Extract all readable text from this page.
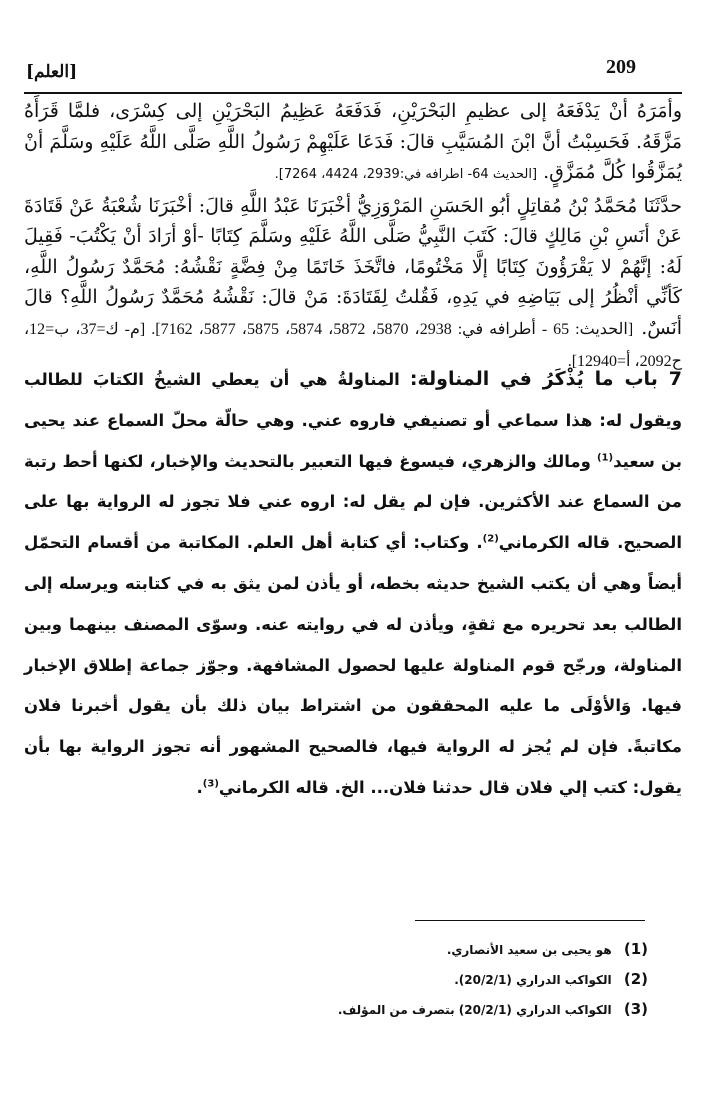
209
[العلم]

وأمَرَهُ أنْ يَدْفَعَهُ إلى عظيمِ البَحْرَيْنِ، فَدَفَعَهُ عَظِيمُ البَحْرَيْنِ إلى كِسْرَى، فلمَّا قَرَأَهُ مَزَّقَهُ. فَحَسِبْتُ أنَّ ابْنَ المُسَيَّبِ قالَ: فَدَعَا عَلَيْهِمْ رَسُولُ اللَّهِ صَلَّى اللَّهُ عَلَيْهِ وسَلَّمَ أنْ يُمَزَّقُوا كُلَّ مُمَزَّقٍ. [الحديث 64- اطرافه في:2939، 4424، 7264].

حدَّثَنَا مُحَمَّدُ بْنُ مُقاتِلٍ أبُو الحَسَنِ المَرْوَزِيُّ أخْبَرَنَا عَبْدُ اللَّهِ قالَ: أخْبَرَنَا شُعْبَةُ عَنْ قَتَادَةَ عَنْ أنَسِ بْنِ مَالِكٍ قالَ: كَتَبَ النَّبِيُّ صَلَّى اللَّهُ عَلَيْهِ وسَلَّمَ كِتَابًا -أوْ أرَادَ أنْ يَكْتُبَ- فَقِيلَ لَهُ: إنَّهُمْ لا يَقْرَؤُونَ كِتَابًا إلَّا مَخْتُومًا، فاتَّخَذَ خَاتَمًا مِنْ فِضَّةٍ نَقْشُهُ: مُحَمَّدٌ رَسُولُ اللَّهِ، كَأنِّي أنْظُرُ إلى بَيَاضِهِ في يَدِهِ، فَقُلتُ لِقَتَادَةَ: مَنْ قالَ: نَقْشُهُ مُحَمَّدٌ رَسُولُ اللَّهِ؟ قالَ أنَسٌ. [الحديث: 65 - أطرافه في: 2938، 5870، 5872، 5874، 5875، 5877، 7162]. [م- ك=37، ب=12، ح2092، أ=12940].

7 باب ما يُذْكَرُ في المناولة: المناولةُ هي أن يعطي الشيخُ الكتابَ للطالب ويقول له: هذا سماعي أو تصنيفي فاروه عني. وهي حالّة محلّ السماع عند يحيى بن سعيد$^{(1)}$ ومالك والزهري، فيسوغ فيها التعبير بالتحديث والإخبار، لكنها أحط رتبة من السماع عند الأكثرين. فإن لم يقل له: اروه عني فلا تجوز له الرواية بها على الصحيح. قاله الكرماني$^{(2)}$. وكتاب: أي كتابة أهل العلم. المكاتبة من أقسام التحمّل أيضاً وهي أن يكتب الشيخ حديثه بخطه، أو يأذن لمن يثق به في كتابته ويرسله إلى الطالب بعد تحريره مع ثقةٍ، ويأذن له في روايته عنه. وسوّى المصنف بينهما وبين المناولة، ورجّح قوم المناولة عليها لحصول المشافهة. وجوّز جماعة إطلاق الإخبار فيها. وَالأوْلَى ما عليه المحققون من اشتراط بيان ذلك بأن يقول أخبرنا فلان مكاتبةً. فإن لم يُجز له الرواية فيها، فالصحيح المشهور أنه تجوز الرواية بها بأن يقول: كتب إلي فلان قال حدثنا فلان... الخ. قاله الكرماني$^{(3)}$.

(1) هو يحيى بن سعيد الأنصاري.
(2) الكواكب الدراري (20/2/1).
(3) الكواكب الدراري (20/2/1) بتصرف من المؤلف.
